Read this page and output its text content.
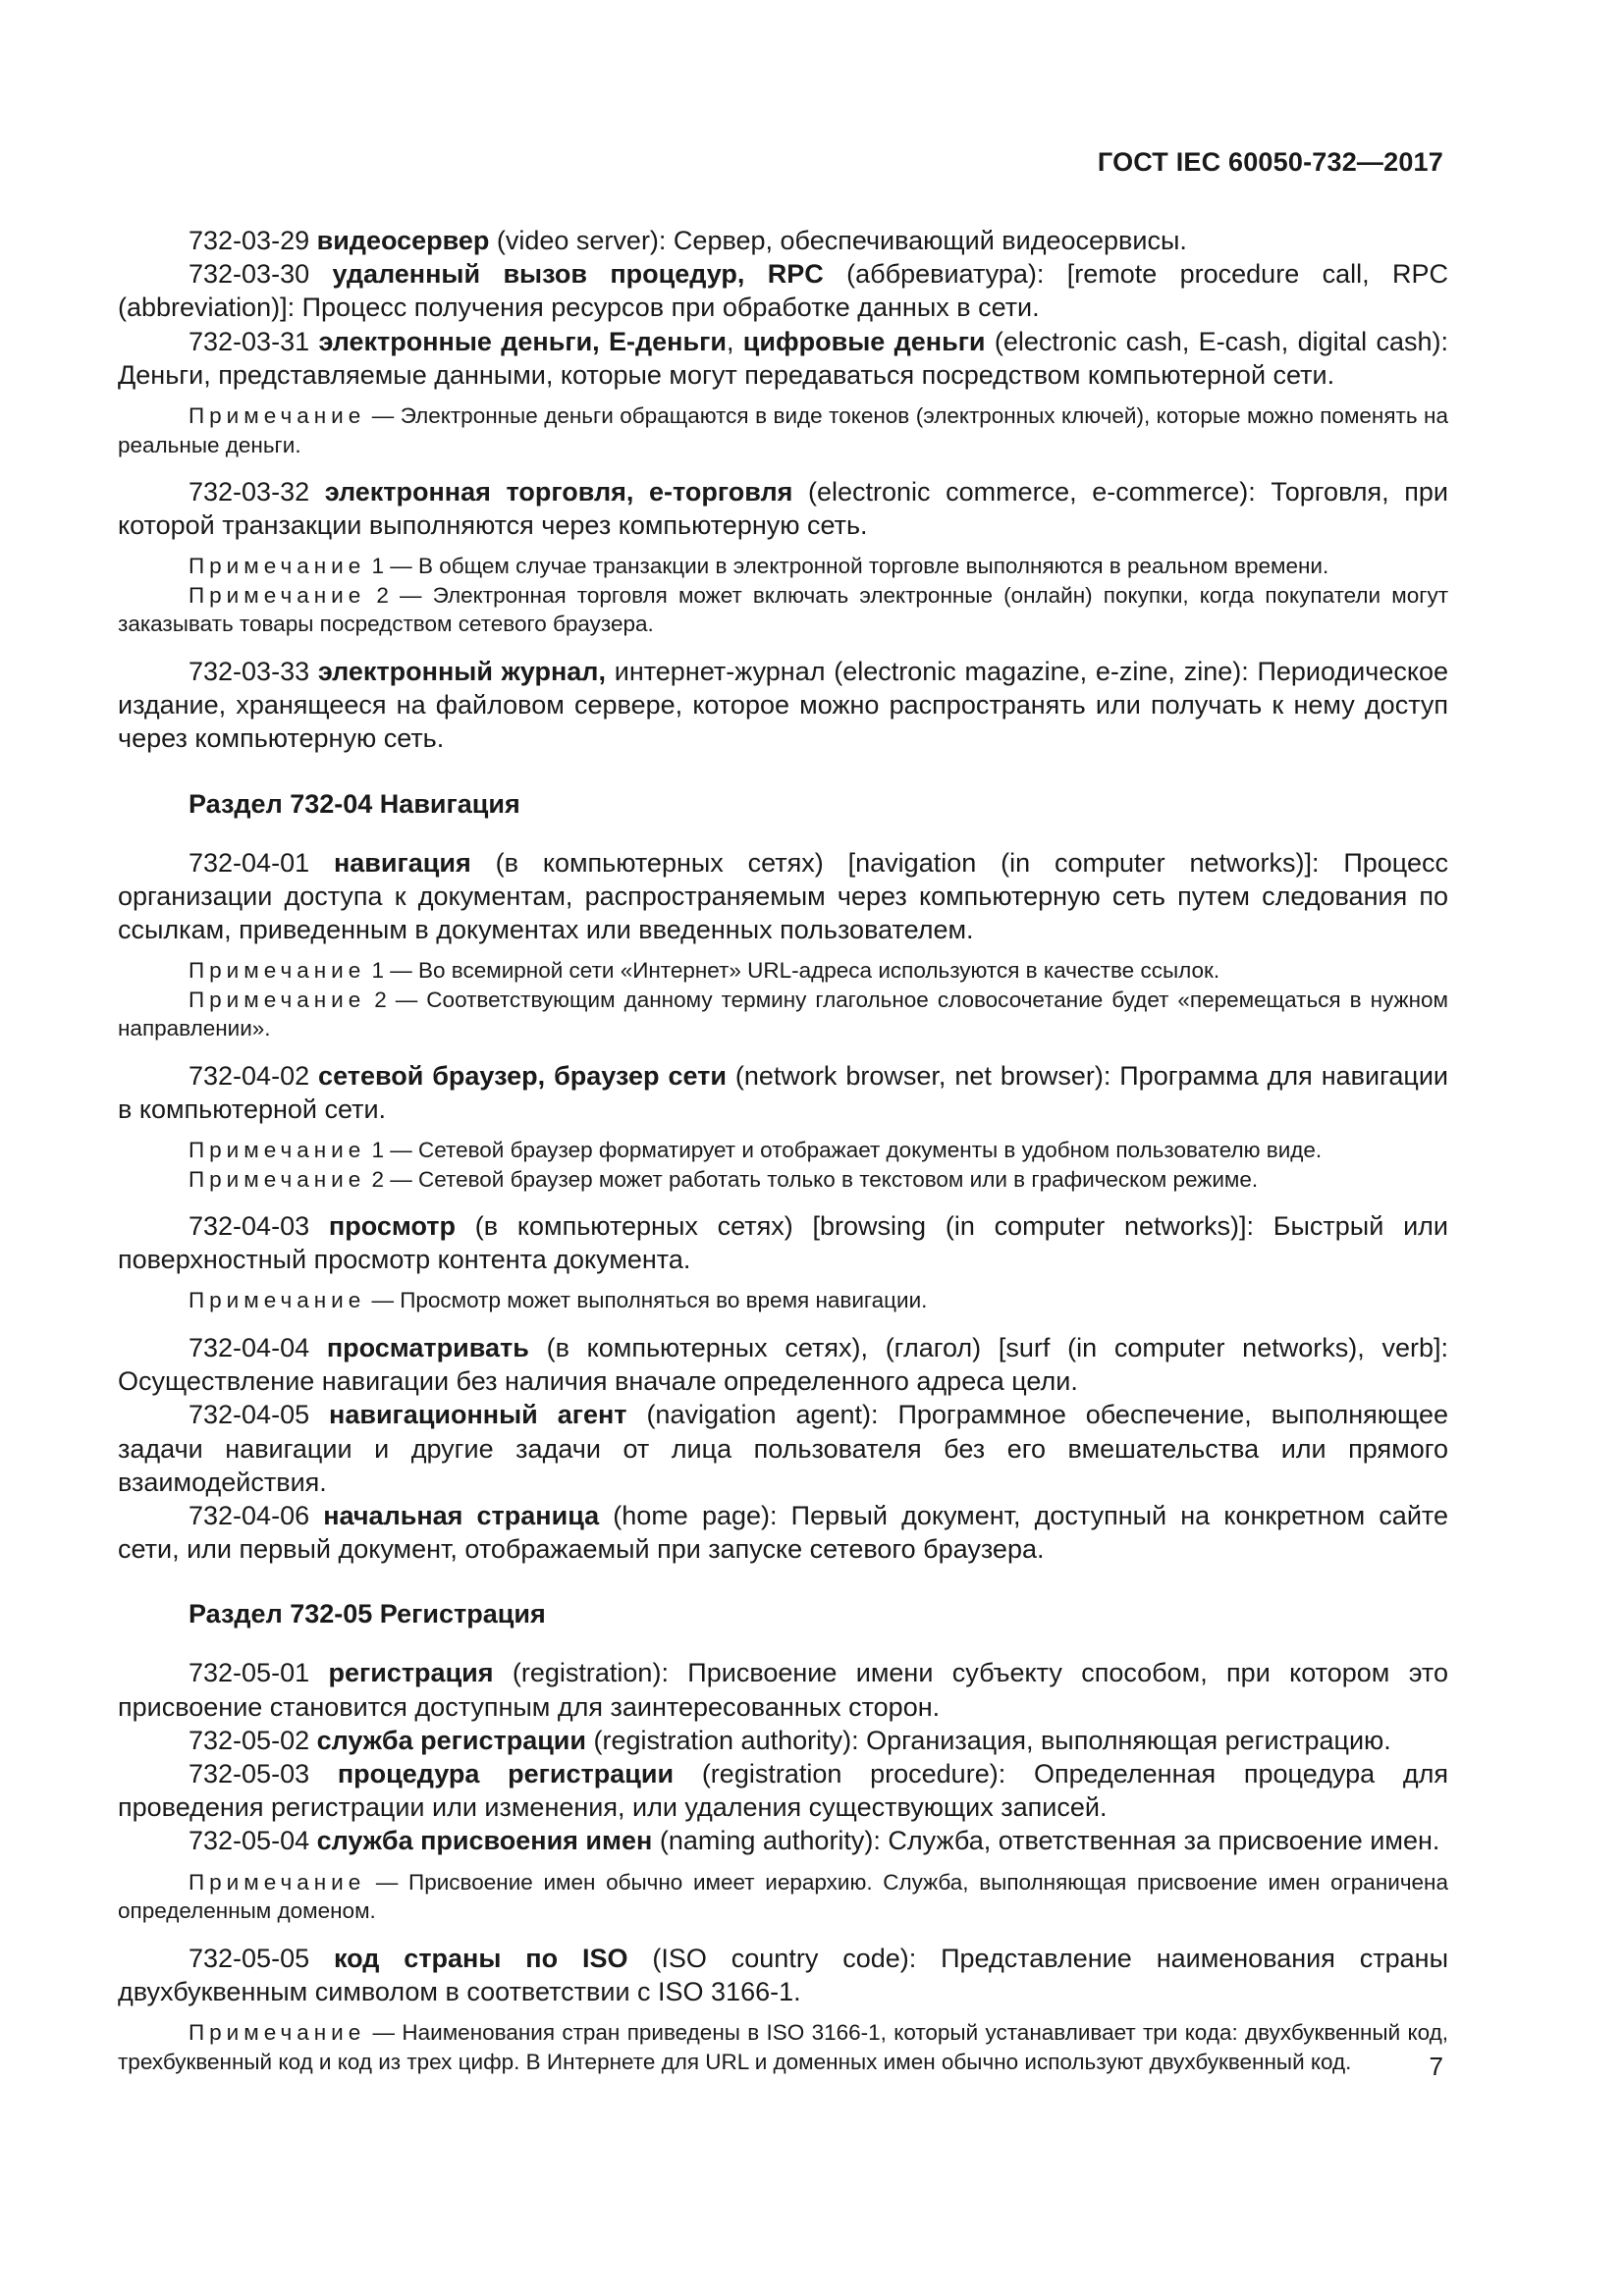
ГОСТ IEC 60050-732—2017

732-03-29 видеосервер (video server): Сервер, обеспечивающий видеосервисы.

732-03-30 удаленный вызов процедур, RPC (аббревиатура): [remote procedure call, RPC (abbreviation)]: Процесс получения ресурсов при обработке данных в сети.

732-03-31 электронные деньги, Е-деньги, цифровые деньги (electronic cash, E-cash, digital cash): Деньги, представляемые данными, которые могут передаваться посредством компьютерной сети.

Примечание — Электронные деньги обращаются в виде токенов (электронных ключей), которые можно поменять на реальные деньги.

732-03-32 электронная торговля, е-торговля (electronic commerce, e-commerce): Торговля, при которой транзакции выполняются через компьютерную сеть.

Примечание 1 — В общем случае транзакции в электронной торговле выполняются в реальном времени.

Примечание 2 — Электронная торговля может включать электронные (онлайн) покупки, когда покупатели могут заказывать товары посредством сетевого браузера.

732-03-33 электронный журнал, интернет-журнал (electronic magazine, e-zine, zine): Периодическое издание, хранящееся на файловом сервере, которое можно распространять или получать к нему доступ через компьютерную сеть.

Раздел 732-04 Навигация

732-04-01 навигация (в компьютерных сетях) [navigation (in computer networks)]: Процесс организации доступа к документам, распространяемым через компьютерную сеть путем следования по ссылкам, приведенным в документах или введенных пользователем.

Примечание 1 — Во всемирной сети «Интернет» URL-адреса используются в качестве ссылок.

Примечание 2 — Соответствующим данному термину глагольное словосочетание будет «перемещаться в нужном направлении».

732-04-02 сетевой браузер, браузер сети (network browser, net browser): Программа для навигации в компьютерной сети.

Примечание 1 — Сетевой браузер форматирует и отображает документы в удобном пользователю виде.

Примечание 2 — Сетевой браузер может работать только в текстовом или в графическом режиме.

732-04-03 просмотр (в компьютерных сетях) [browsing (in computer networks)]: Быстрый или поверхностный просмотр контента документа.

Примечание — Просмотр может выполняться во время навигации.

732-04-04 просматривать (в компьютерных сетях), (глагол) [surf (in computer networks), verb]: Осуществление навигации без наличия вначале определенного адреса цели.

732-04-05 навигационный агент (navigation agent): Программное обеспечение, выполняющее задачи навигации и другие задачи от лица пользователя без его вмешательства или прямого взаимодействия.

732-04-06 начальная страница (home page): Первый документ, доступный на конкретном сайте сети, или первый документ, отображаемый при запуске сетевого браузера.

Раздел 732-05 Регистрация

732-05-01 регистрация (registration): Присвоение имени субъекту способом, при котором это присвоение становится доступным для заинтересованных сторон.

732-05-02 служба регистрации (registration authority): Организация, выполняющая регистрацию.

732-05-03 процедура регистрации (registration procedure): Определенная процедура для проведения регистрации или изменения, или удаления существующих записей.

732-05-04 служба присвоения имен (naming authority): Служба, ответственная за присвоение имен.

Примечание — Присвоение имен обычно имеет иерархию. Служба, выполняющая присвоение имен ограничена определенным доменом.

732-05-05 код страны по ISO (ISO country code): Представление наименования страны двухбуквенным символом в соответствии с ISO 3166-1.

Примечание — Наименования стран приведены в ISO 3166-1, который устанавливает три кода: двухбуквенный код, трехбуквенный код и код из трех цифр. В Интернете для URL и доменных имен обычно используют двухбуквенный код.	7
